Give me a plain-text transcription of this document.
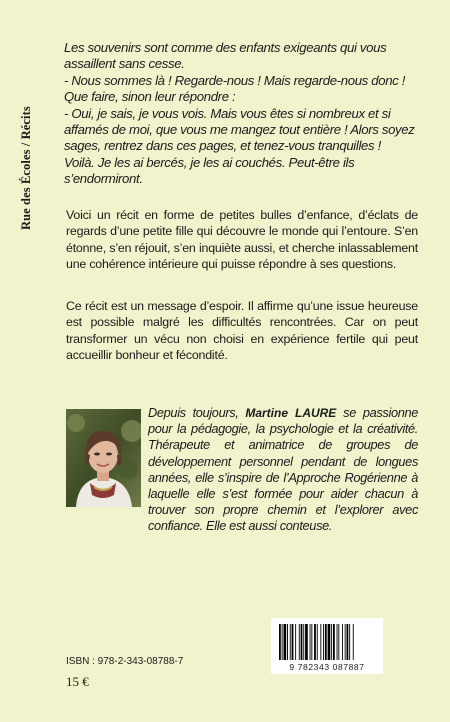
Rue des Écoles / Récits

Les souvenirs sont comme des enfants exigeants qui vous assaillent sans cesse.

- Nous sommes là ! Regarde-nous ! Mais regarde-nous donc !

Que faire, sinon leur répondre :

- Oui, je sais, je vous vois. Mais vous êtes si nombreux et si affamés de moi, que vous me mangez tout entière ! Alors soyez sages, rentrez dans ces pages, et tenez-vous tranquilles !

Voilà. Je les ai bercés, je les ai couchés. Peut-être ils s’endormiront.

Voici un récit en forme de petites bulles d’enfance, d’éclats de regards d’une petite fille qui découvre le monde qui l’entoure. S’en étonne, s’en réjouit, s’en inquiète aussi, et cherche inlassablement une cohérence intérieure qui puisse répondre à ses questions.

Ce récit est un message d’espoir. Il affirme qu’une issue heureuse est possible malgré les difficultés rencontrées. Car on peut transformer un vécu non choisi en expérience fertile qui peut accueillir bonheur et fécondité.

Depuis toujours, Martine LAURE se passionne pour la pédagogie, la psychologie et la créativité. Thérapeute et animatrice de groupes de développement personnel pendant de longues années, elle s’inspire de l’Approche Rogérienne à laquelle elle s’est formée pour aider chacun à trouver son propre chemin et l’explorer avec confiance. Elle est aussi conteuse.

9 782343 087887
ISBN : 978-2-343-08788-7
15 €
